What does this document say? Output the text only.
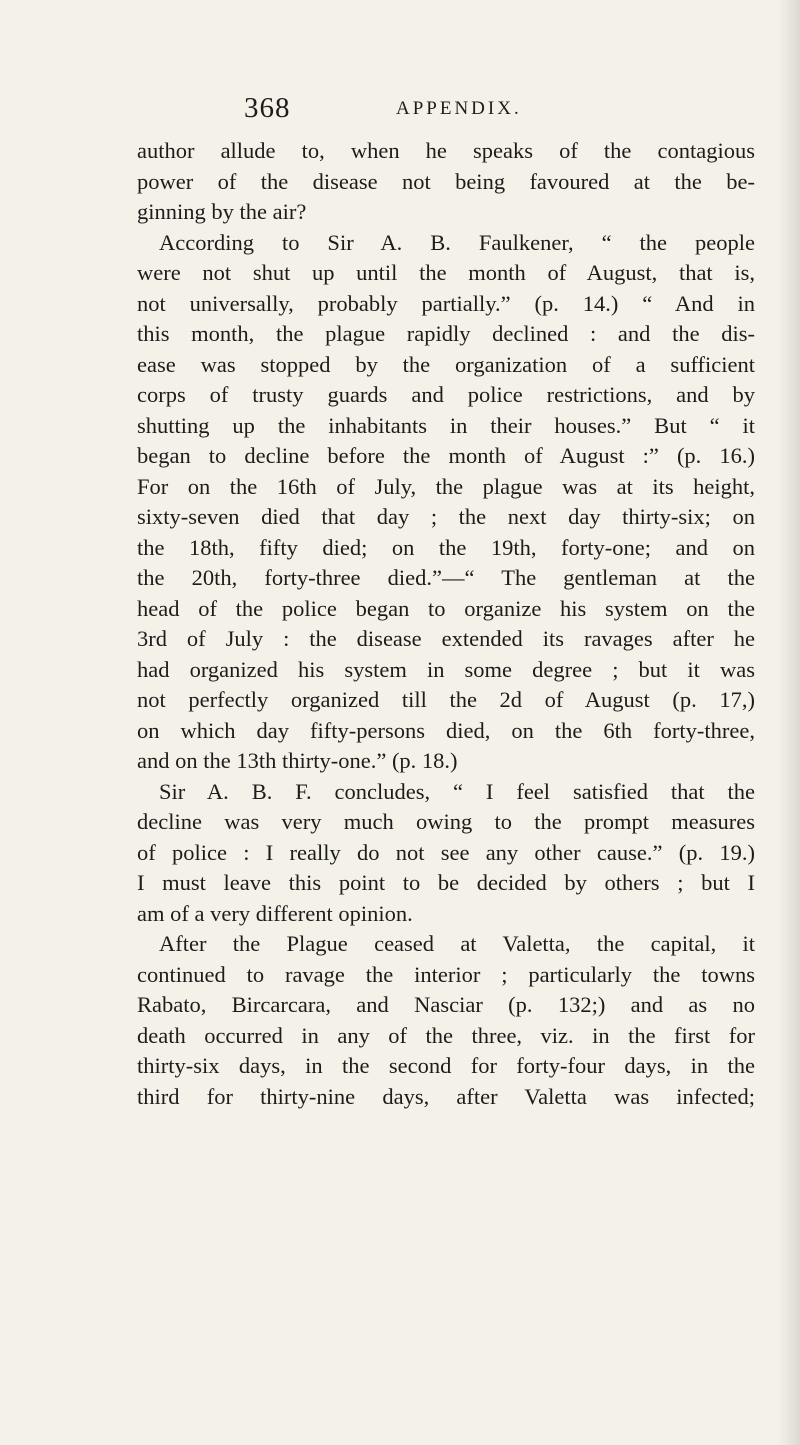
368	APPENDIX.
author allude to, when he speaks of the contagious
power of the disease not being favoured at the be-
ginning by the air?
According to Sir A. B. Faulkener, “ the people
were not shut up until the month of August, that is,
not universally, probably partially.” (p. 14.) “ And in
this month, the plague rapidly declined : and the dis-
ease was stopped by the organization of a sufficient
corps of trusty guards and police restrictions, and by
shutting up the inhabitants in their houses.” But “ it
began to decline before the month of August :” (p. 16.)
For on the 16th of July, the plague was at its height,
sixty-seven died that day ; the next day thirty-six; on
the 18th, fifty died; on the 19th, forty-one; and on
the 20th, forty-three died.”—“ The gentleman at the
head of the police began to organize his system on the
3rd of July : the disease extended its ravages after he
had organized his system in some degree ; but it was
not perfectly organized till the 2d of August (p. 17,)
on which day fifty-persons died, on the 6th forty-three,
and on the 13th thirty-one.” (p. 18.)
Sir A. B. F. concludes, “ I feel satisfied that the
decline was very much owing to the prompt measures
of police : I really do not see any other cause.” (p. 19.)
I must leave this point to be decided by others ; but I
am of a very different opinion.
After the Plague ceased at Valetta, the capital, it
continued to ravage the interior ; particularly the towns
Rabato, Bircarcara, and Nasciar (p. 132;) and as no
death occurred in any of the three, viz. in the first for
thirty-six days, in the second for forty-four days, in the
third for thirty-nine days, after Valetta was infected;
